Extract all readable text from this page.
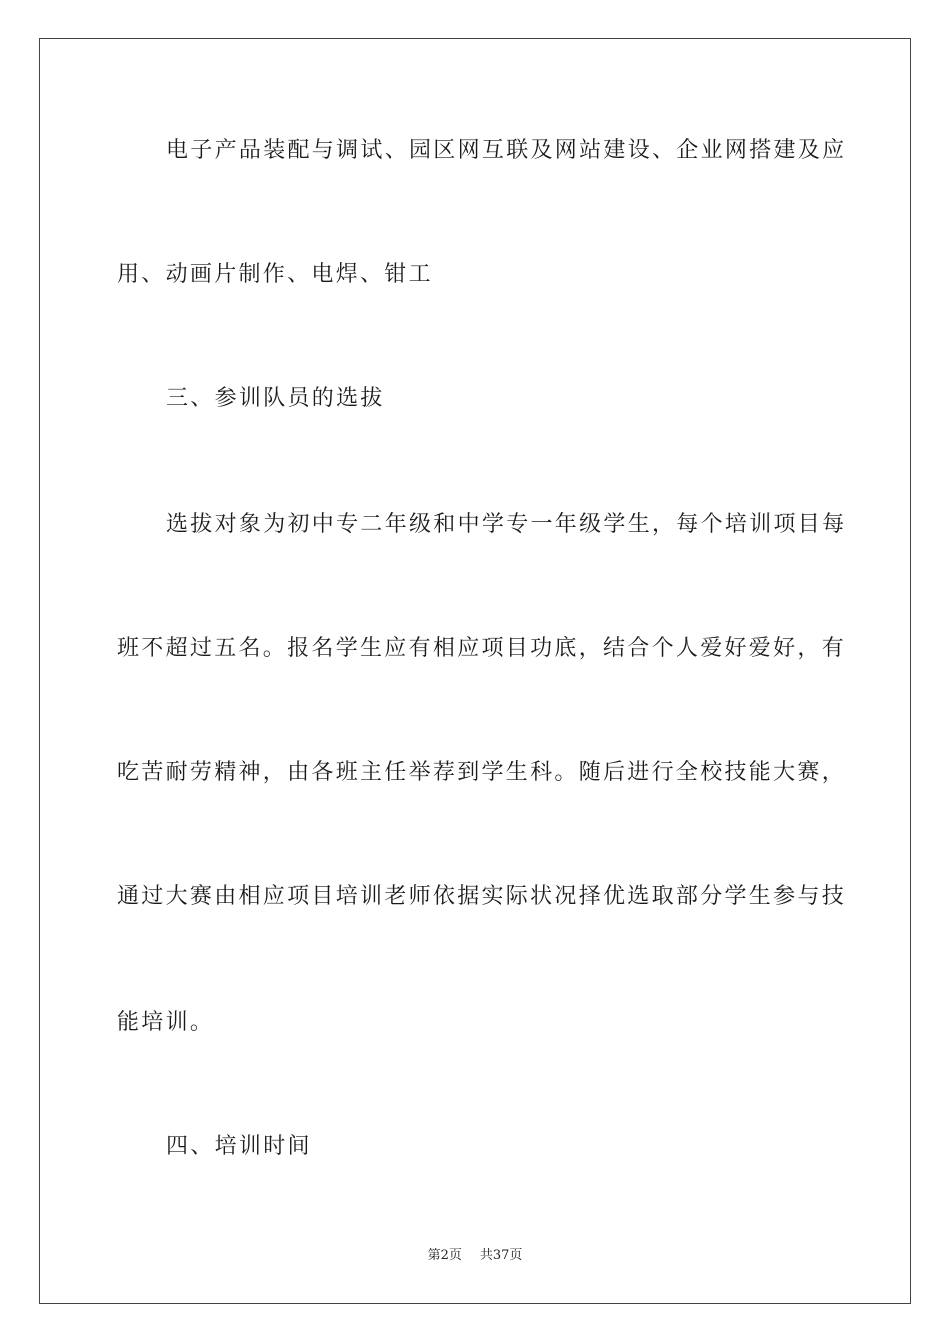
电子产品装配与调试、园区网互联及网站建设、企业网搭建及应
用、动画片制作、电焊、钳工
三、参训队员的选拔
选拔对象为初中专二年级和中学专一年级学生，每个培训项目每
班不超过五名。报名学生应有相应项目功底，结合个人爱好爱好，有
吃苦耐劳精神，由各班主任举荐到学生科。随后进行全校技能大赛，
通过大赛由相应项目培训老师依据实际状况择优选取部分学生参与技
能培训。
四、培训时间
第2页 共37页
